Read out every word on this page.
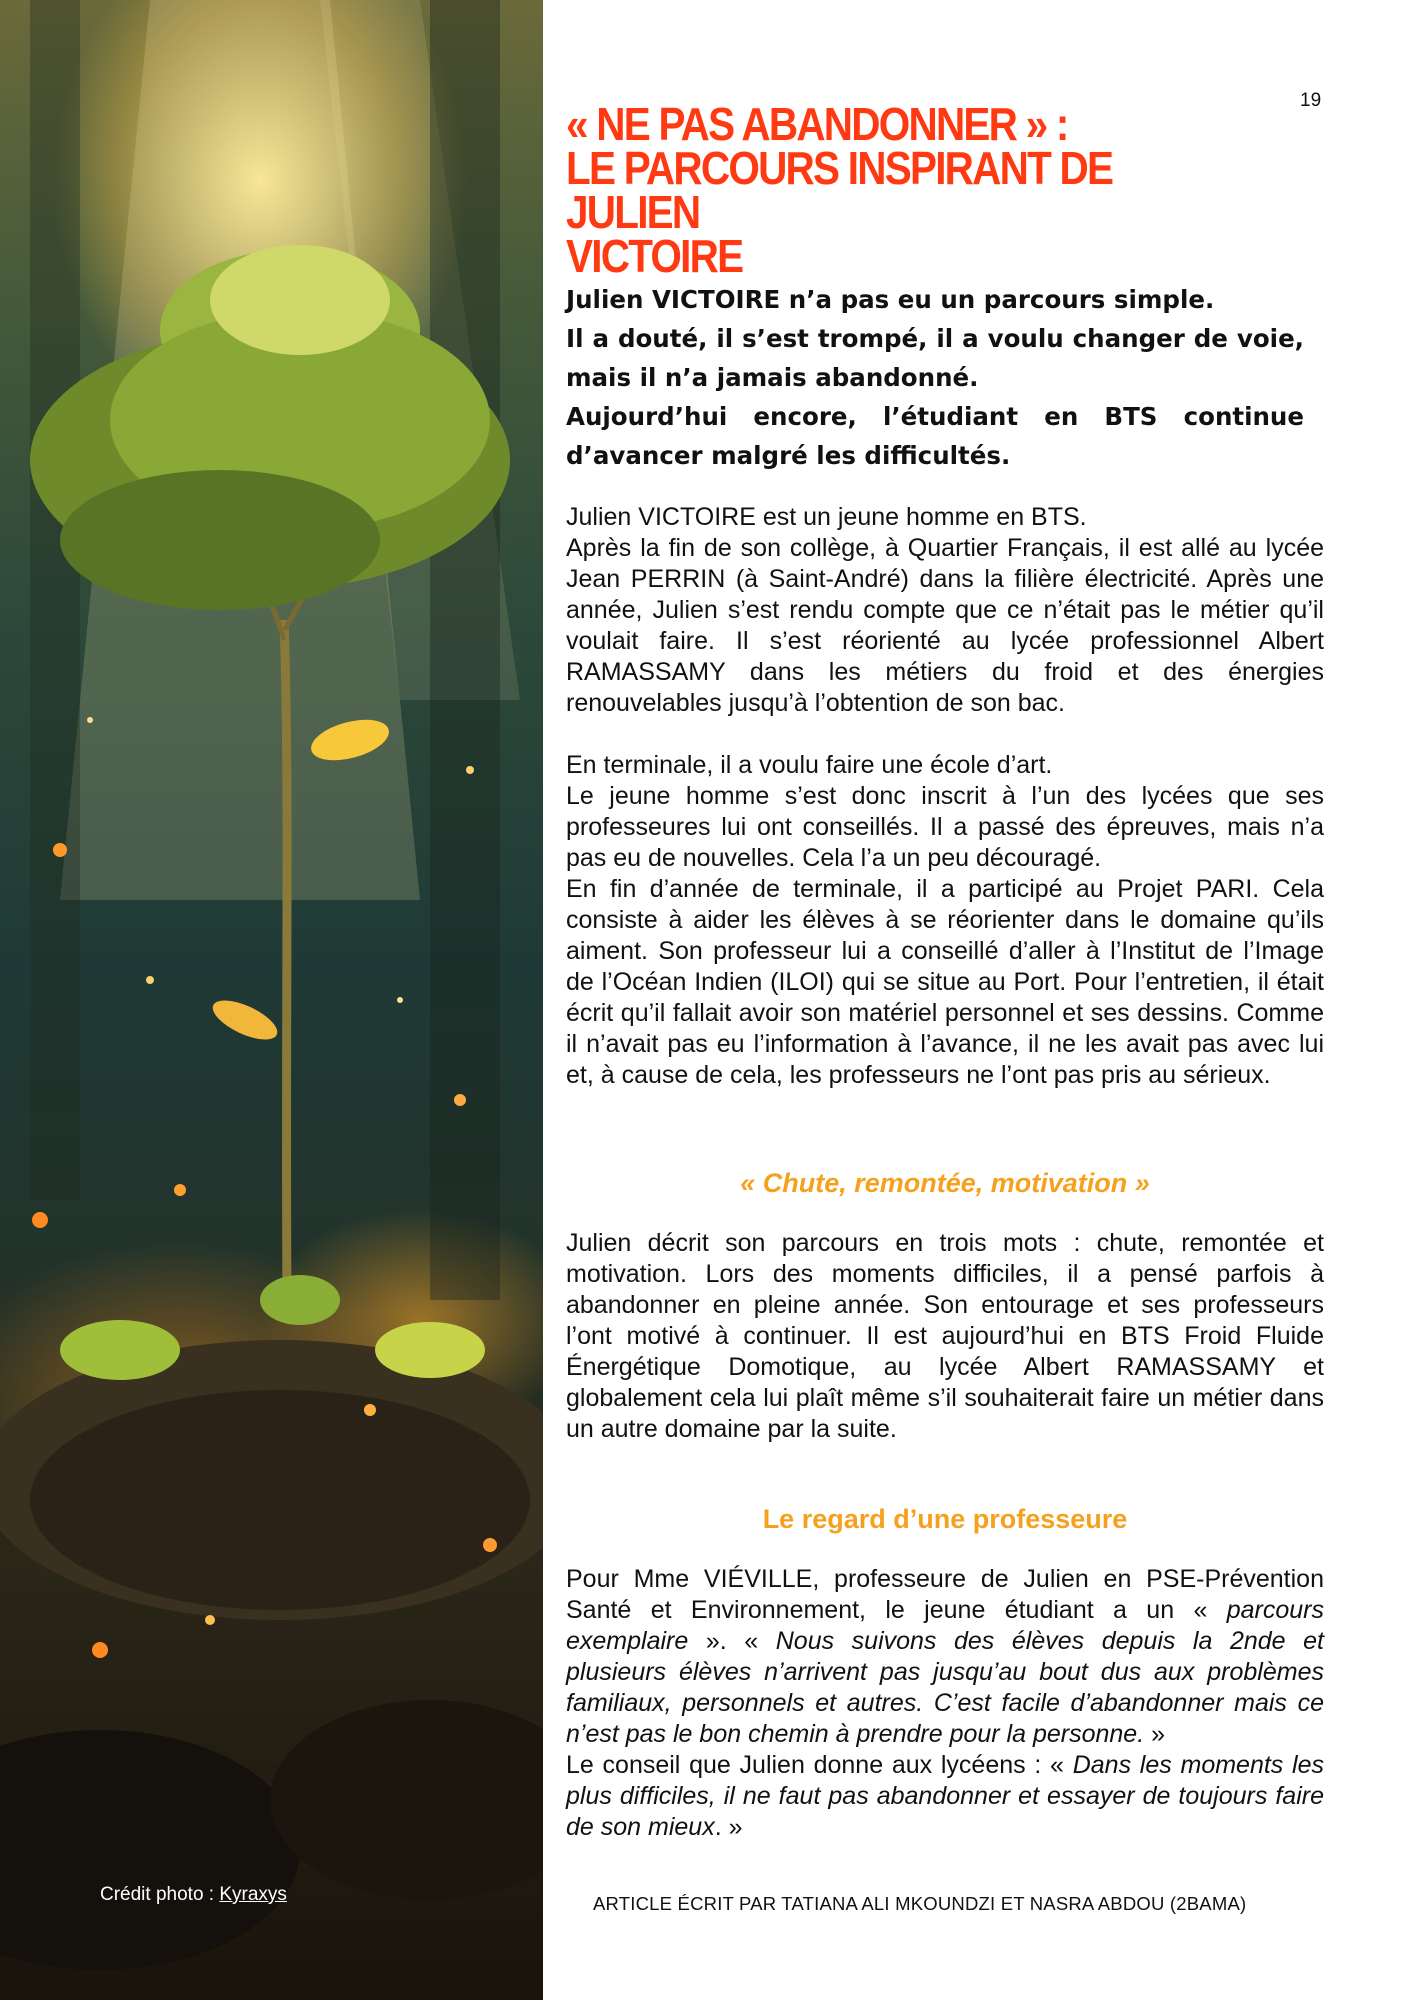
Crédit photo : Kyraxys
19
« NE PAS ABANDONNER » :
LE PARCOURS INSPIRANT DE JULIEN
VICTOIRE

Julien VICTOIRE n’a pas eu un parcours simple.

Il a douté, il s’est trompé, il a voulu changer de voie, mais il n’a jamais abandonné.

Aujourd’hui encore, l’étudiant en BTS continue d’avancer malgré les difficultés.

Julien VICTOIRE est un jeune homme en BTS.

Après la fin de son collège, à Quartier Français, il est allé au lycée Jean PERRIN (à Saint-André) dans la filière électricité. Après une année, Julien s’est rendu compte que ce n’était pas le métier qu’il voulait faire. Il s’est réorienté au lycée professionnel Albert RAMASSAMY dans les métiers du froid et des énergies renouvelables jusqu’à l’obtention de son bac.

En terminale, il a voulu faire une école d’art.

Le jeune homme s’est donc inscrit à l’un des lycées que ses professeures lui ont conseillés. Il a passé des épreuves, mais n’a pas eu de nouvelles. Cela l’a un peu découragé.

En fin d’année de terminale, il a participé au Projet PARI. Cela consiste à aider les élèves à se réorienter dans le domaine qu’ils aiment. Son professeur lui a conseillé d’aller à l’Institut de l’Image de l’Océan Indien (ILOI) qui se situe au Port. Pour l’entretien, il était écrit qu’il fallait avoir son matériel personnel et ses dessins. Comme il n’avait pas eu l’information à l’avance, il ne les avait pas avec lui et, à cause de cela, les professeurs ne l’ont pas pris au sérieux.

« Chute, remontée, motivation »

Julien décrit son parcours en trois mots : chute, remontée et motivation. Lors des moments difficiles, il a pensé parfois à abandonner en pleine année. Son entourage et ses professeurs l’ont motivé à continuer. Il est aujourd’hui en BTS Froid Fluide Énergétique Domotique, au lycée Albert RAMASSAMY et globalement cela lui plaît même s’il souhaiterait faire un métier dans un autre domaine par la suite.

Le regard d’une professeure

Pour Mme VIÉVILLE, professeure de Julien en PSE-Prévention Santé et Environnement, le jeune étudiant a un « parcours exemplaire ». « Nous suivons des élèves depuis la 2nde et plusieurs élèves n’arrivent pas jusqu’au bout dus aux problèmes familiaux, personnels et autres. C’est facile d’abandonner mais ce n’est pas le bon chemin à prendre pour la personne. »

Le conseil que Julien donne aux lycéens : « Dans les moments les plus difficiles, il ne faut pas abandonner et essayer de toujours faire de son mieux. »

ARTICLE ÉCRIT PAR TATIANA ALI MKOUNDZI ET NASRA ABDOU (2BAMA)
